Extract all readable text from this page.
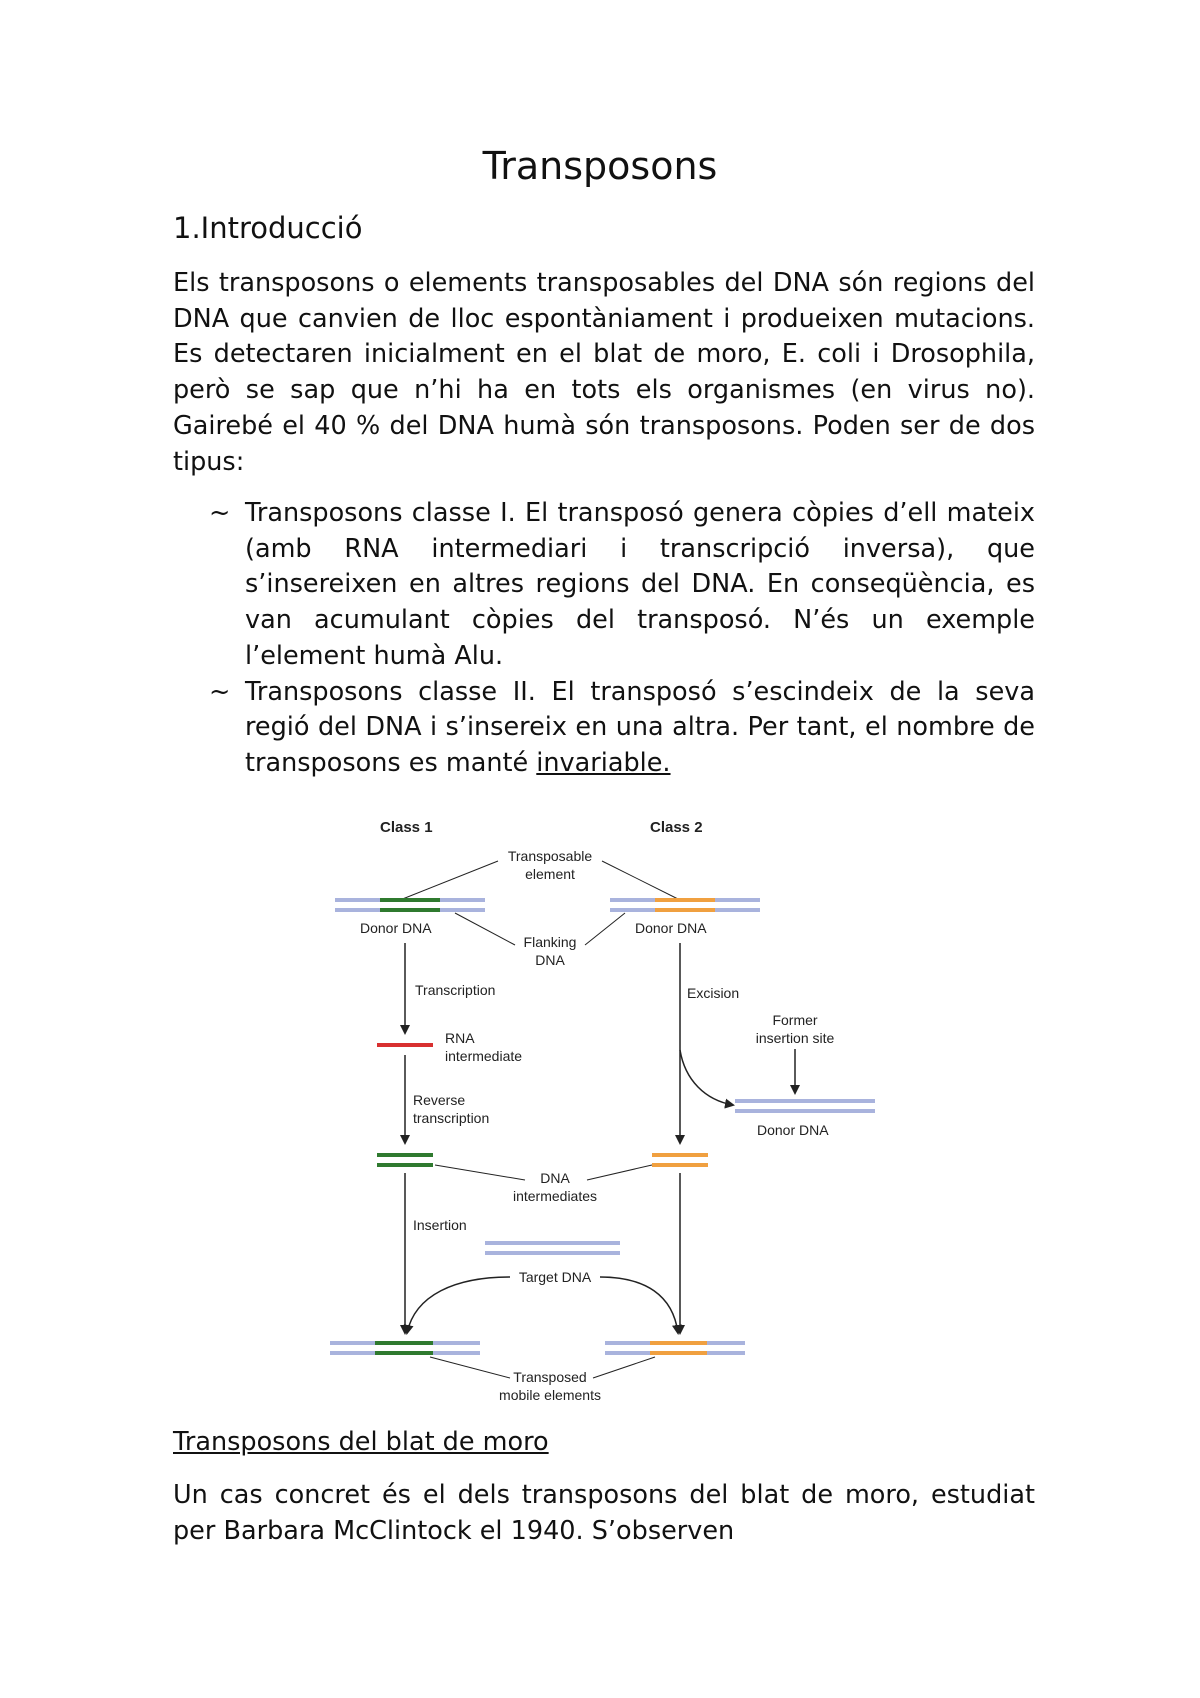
Transposons
1.Introducció

Els transposons o elements transposables del DNA són regions del DNA que canvien de lloc espontàniament i produeixen mutacions. Es detectaren inicialment en el blat de moro, E. coli i Drosophila, però se sap que n’hi ha en tots els organismes (en virus no). Gairebé el 40 % del DNA humà són transposons. Poden ser de dos tipus:

~ Transposons classe I. El transposó genera còpies d’ell mateix (amb RNA intermediari i transcripció inversa), que s’insereixen en altres regions del DNA. En conseqüència, es van acumulant còpies del transposó. N’és un exemple l’element humà Alu.
~ Transposons classe II. El transposó s’escindeix de la seva regió del DNA i s’insereix en una altra. Per tant, el nombre de transposons es manté invariable.
Class 1	Class 2
Transposable
element
Donor DNA	Donor DNA
Flanking
DNA
Transcription
RNA
intermediate
Reverse
transcription
Insertion
Excision
Former
insertion site
Donor DNA
DNA
intermediates
Target DNA
Transposed
mobile elements
Transposons del blat de moro

Un cas concret és el dels transposons del blat de moro, estudiat per Barbara McClintock el 1940. S’observen
